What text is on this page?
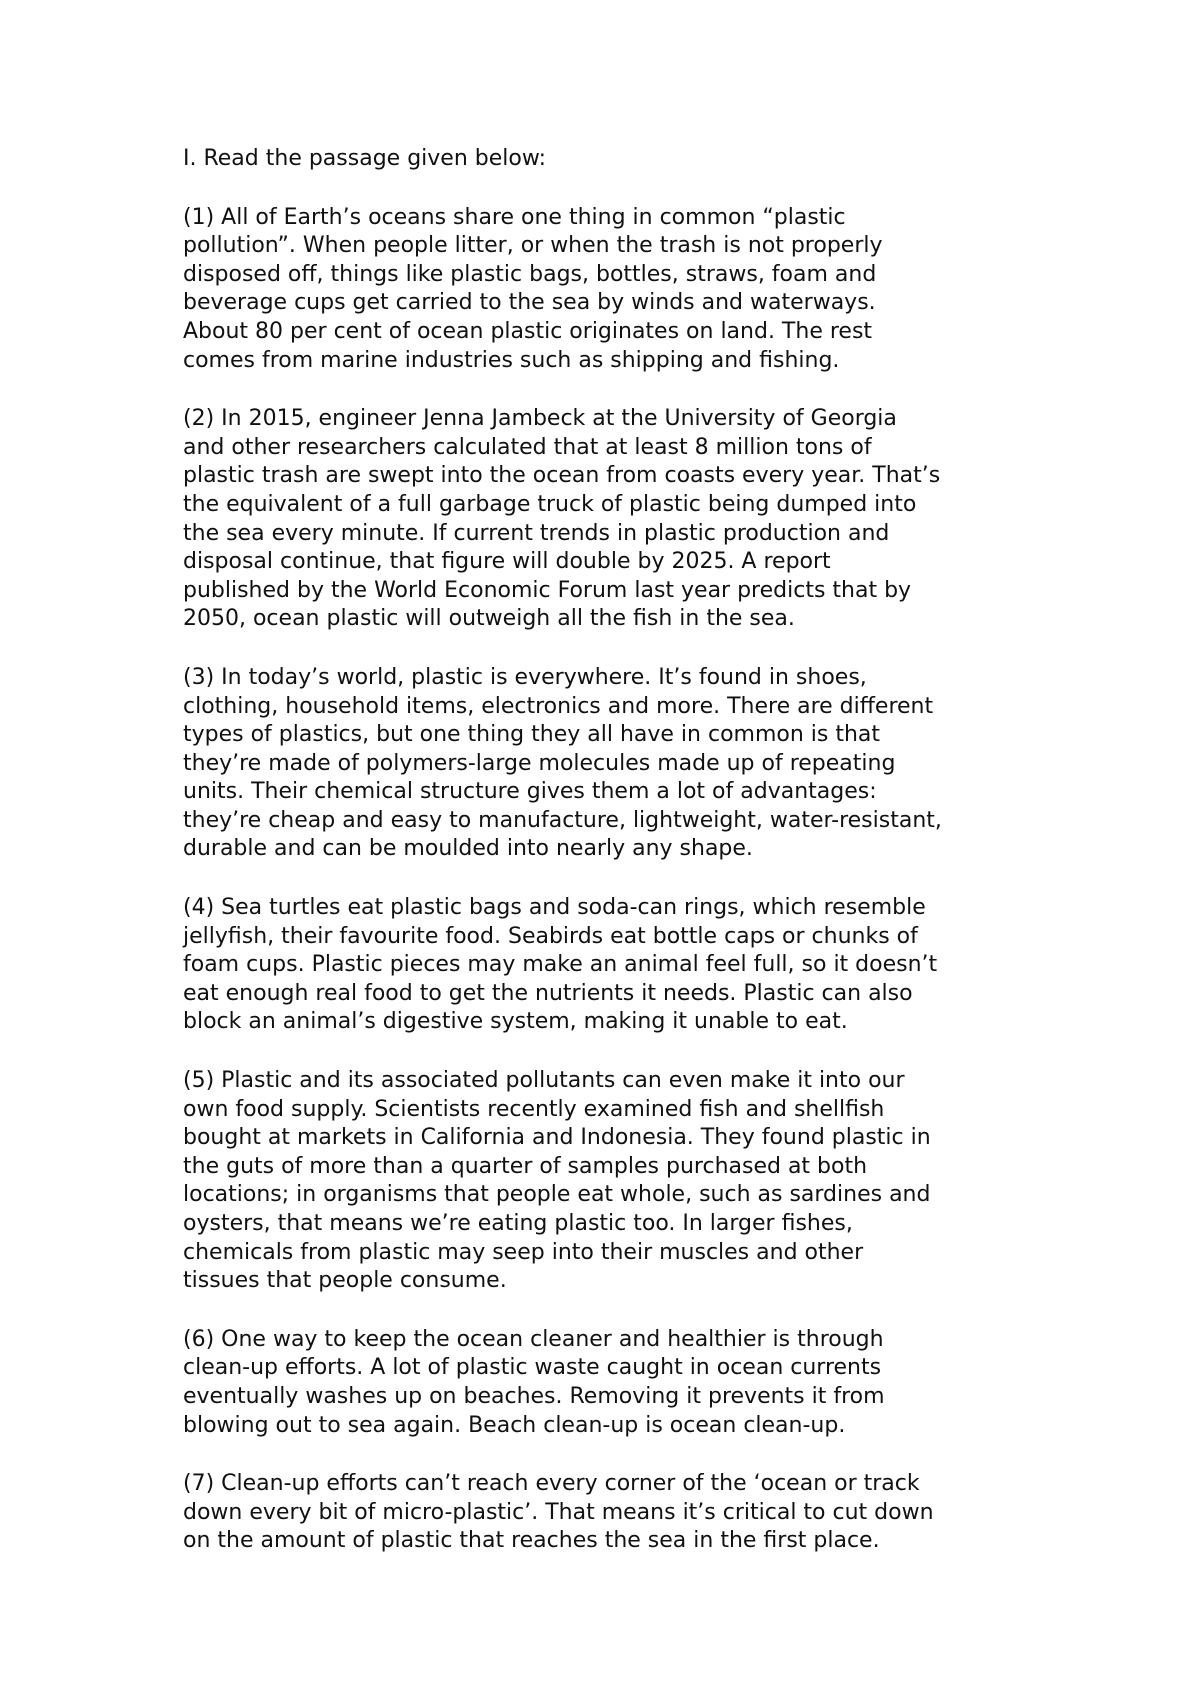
I. Read the passage given below:
(1) All of Earth’s oceans share one thing in common “plastic
pollution”. When people litter, or when the trash is not properly
disposed off, things like plastic bags, bottles, straws, foam and
beverage cups get carried to the sea by winds and waterways.
About 80 per cent of ocean plastic originates on land. The rest
comes from marine industries such as shipping and fishing.
(2) In 2015, engineer Jenna Jambeck at the University of Georgia
and other researchers calculated that at least 8 million tons of
plastic trash are swept into the ocean from coasts every year. That’s
the equivalent of a full garbage truck of plastic being dumped into
the sea every minute. If current trends in plastic production and
disposal continue, that figure will double by 2025. A report
published by the World Economic Forum last year predicts that by
2050, ocean plastic will outweigh all the fish in the sea.
(3) In today’s world, plastic is everywhere. It’s found in shoes,
clothing, household items, electronics and more. There are different
types of plastics, but one thing they all have in common is that
they’re made of polymers-large molecules made up of repeating
units. Their chemical structure gives them a lot of advantages:
they’re cheap and easy to manufacture, lightweight, water-resistant,
durable and can be moulded into nearly any shape.
(4) Sea turtles eat plastic bags and soda-can rings, which resemble
jellyfish, their favourite food. Seabirds eat bottle caps or chunks of
foam cups. Plastic pieces may make an animal feel full, so it doesn’t
eat enough real food to get the nutrients it needs. Plastic can also
block an animal’s digestive system, making it unable to eat.
(5) Plastic and its associated pollutants can even make it into our
own food supply. Scientists recently examined fish and shellfish
bought at markets in California and Indonesia. They found plastic in
the guts of more than a quarter of samples purchased at both
locations; in organisms that people eat whole, such as sardines and
oysters, that means we’re eating plastic too. In larger fishes,
chemicals from plastic may seep into their muscles and other
tissues that people consume.
(6) One way to keep the ocean cleaner and healthier is through
clean-up efforts. A lot of plastic waste caught in ocean currents
eventually washes up on beaches. Removing it prevents it from
blowing out to sea again. Beach clean-up is ocean clean-up.
(7) Clean-up efforts can’t reach every corner of the ‘ocean or track
down every bit of micro-plastic’. That means it’s critical to cut down
on the amount of plastic that reaches the sea in the first place.
